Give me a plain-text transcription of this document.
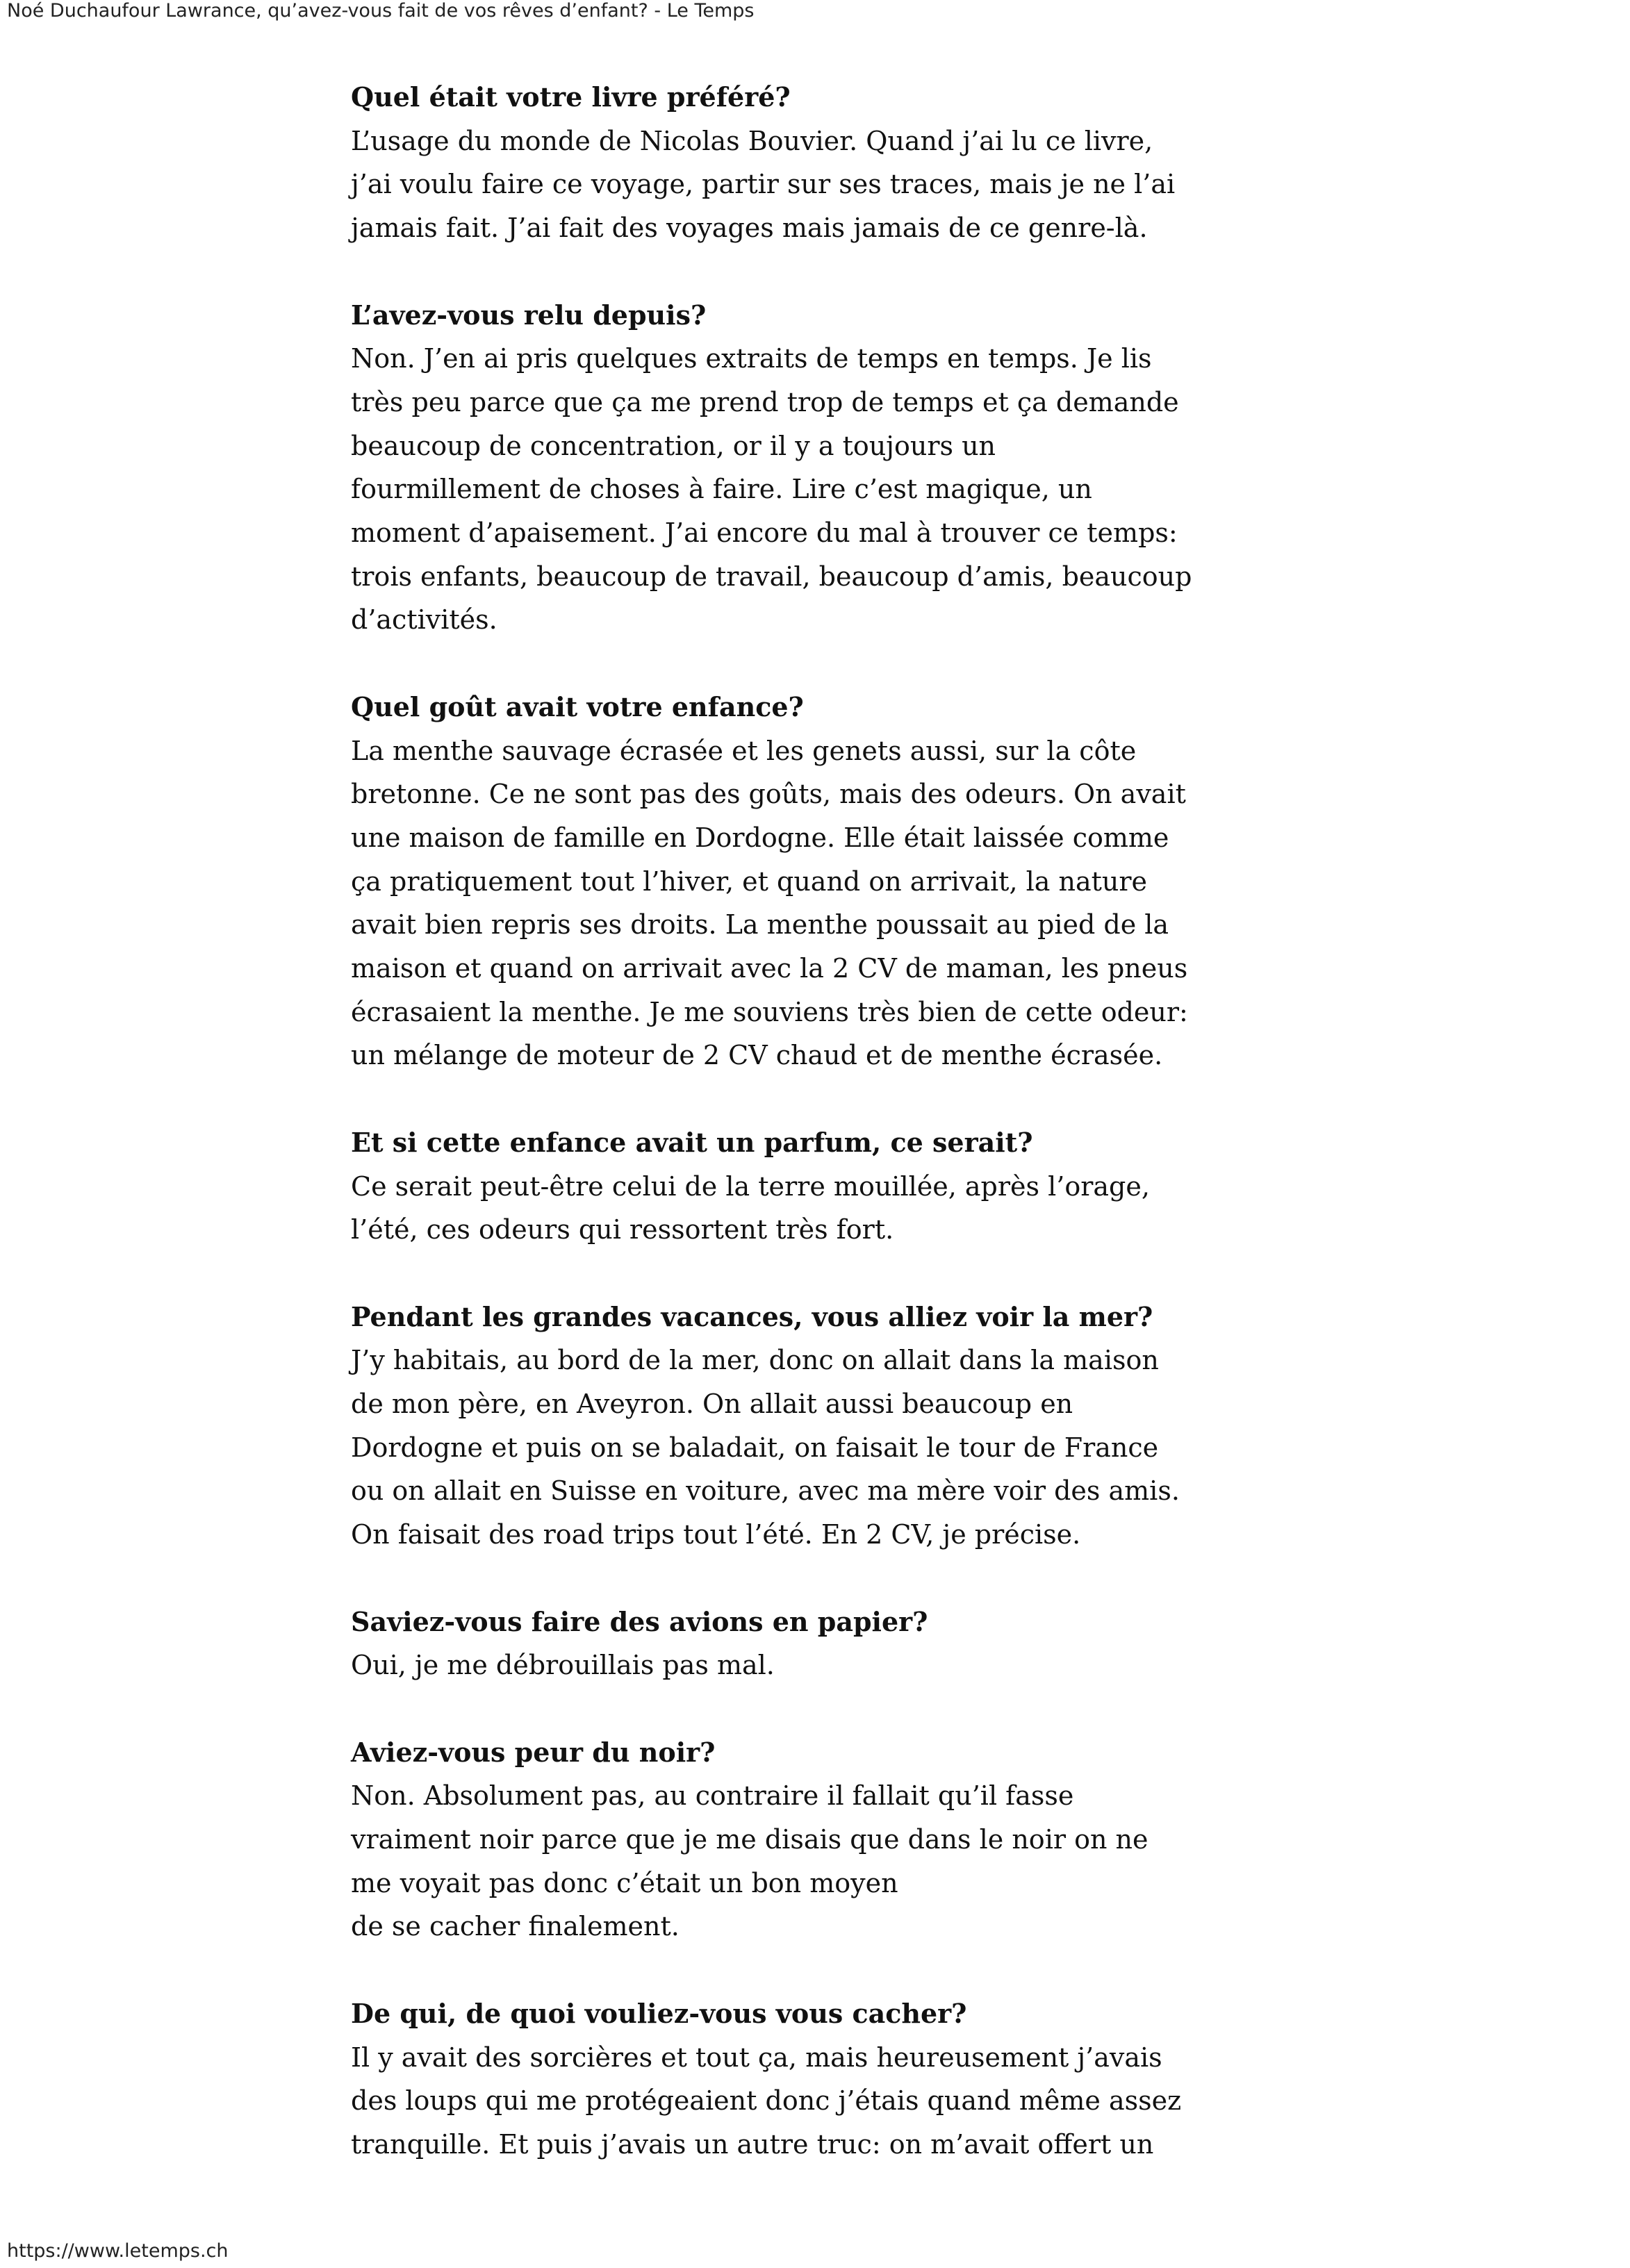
Noé Duchaufour Lawrance, qu’avez-vous fait de vos rêves d’enfant? - Le Temps
Quel était votre livre préféré?
L’usage du monde de Nicolas Bouvier. Quand j’ai lu ce livre,
j’ai voulu faire ce voyage, partir sur ses traces, mais je ne l’ai
jamais fait. J’ai fait des voyages mais jamais de ce genre-là.
L’avez-vous relu depuis?
Non. J’en ai pris quelques extraits de temps en temps. Je lis
très peu parce que ça me prend trop de temps et ça demande
beaucoup de concentration, or il y a toujours un
fourmillement de choses à faire. Lire c’est magique, un
moment d’apaisement. J’ai encore du mal à trouver ce temps:
trois enfants, beaucoup de travail, beaucoup d’amis, beaucoup
d’activités.
Quel goût avait votre enfance?
La menthe sauvage écrasée et les genets aussi, sur la côte
bretonne. Ce ne sont pas des goûts, mais des odeurs. On avait
une maison de famille en Dordogne. Elle était laissée comme
ça pratiquement tout l’hiver, et quand on arrivait, la nature
avait bien repris ses droits. La menthe poussait au pied de la
maison et quand on arrivait avec la 2 CV de maman, les pneus
écrasaient la menthe. Je me souviens très bien de cette odeur:
un mélange de moteur de 2 CV chaud et de menthe écrasée.
Et si cette enfance avait un parfum, ce serait?
Ce serait peut-être celui de la terre mouillée, après l’orage,
l’été, ces odeurs qui ressortent très fort.
Pendant les grandes vacances, vous alliez voir la mer?
J’y habitais, au bord de la mer, donc on allait dans la maison
de mon père, en Aveyron. On allait aussi beaucoup en
Dordogne et puis on se baladait, on faisait le tour de France
ou on allait en Suisse en voiture, avec ma mère voir des amis.
On faisait des road trips tout l’été. En 2 CV, je précise.
Saviez-vous faire des avions en papier?
Oui, je me débrouillais pas mal.
Aviez-vous peur du noir?
Non. Absolument pas, au contraire il fallait qu’il fasse
vraiment noir parce que je me disais que dans le noir on ne
me voyait pas donc c’était un bon moyen
de se cacher finalement.
De qui, de quoi vouliez-vous vous cacher?
Il y avait des sorcières et tout ça, mais heureusement j’avais
des loups qui me protégeaient donc j’étais quand même assez
tranquille. Et puis j’avais un autre truc: on m’avait offert un
https://www.letemps.ch
